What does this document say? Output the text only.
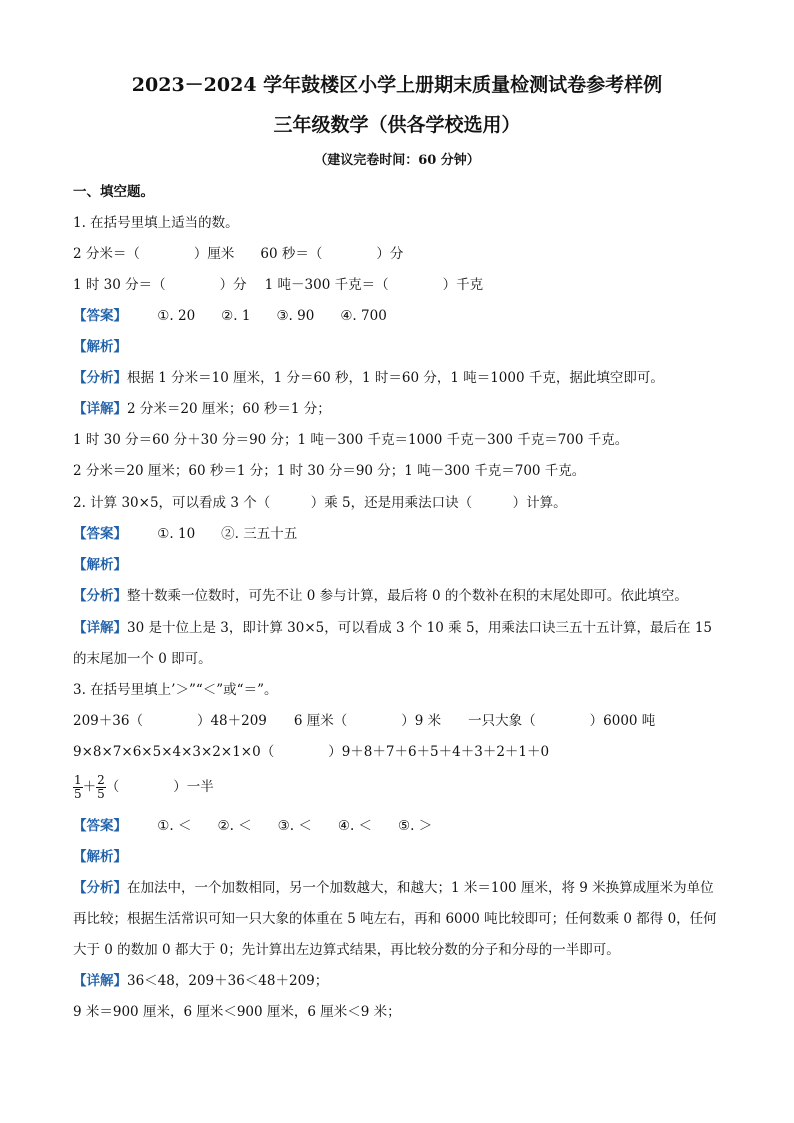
2023－2024 学年鼓楼区小学上册期末质量检测试卷参考样例
三年级数学（供各学校选用）
（建议完卷时间：60 分钟）
一、填空题。
1. 在括号里填上适当的数。
2 分米＝（　　　　）厘米 60 秒＝（　　　　）分
1 时 30 分＝（　　　　）分 1 吨－300 千克＝（　　　　）千克
【答案】 ①. 20 ②. 1 ③. 90 ④. 700
【解析】
【分析】根据 1 分米＝10 厘米，1 分＝60 秒，1 时＝60 分，1 吨＝1000 千克，据此填空即可。
【详解】2 分米＝20 厘米；60 秒＝1 分；
1 时 30 分＝60 分＋30 分＝90 分；1 吨－300 千克＝1000 千克－300 千克＝700 千克。
2 分米＝20 厘米；60 秒＝1 分；1 时 30 分＝90 分；1 吨－300 千克＝700 千克。
2. 计算 30×5，可以看成 3 个（　　　）乘 5，还是用乘法口诀（　　　）计算。
【答案】 ①. 10 ②. 三五十五
【解析】
【分析】整十数乘一位数时，可先不让 0 参与计算，最后将 0 的个数补在积的末尾处即可。依此填空。
【详解】30 是十位上是 3，即计算 30×5，可以看成 3 个 10 乘 5，用乘法口诀三五十五计算，最后在 15
的末尾加一个 0 即可。
3. 在括号里填上’＞”“＜”或“＝”。
209＋36（　　　　）48＋209　　6 厘米（　　　　）9 米　　一只大象（　　　　）6000 吨
9×8×7×6×5×4×3×2×1×0（　　　　）9＋8＋7＋6＋5＋4＋3＋2＋1＋0
$\frac{1}{5} + \frac{2}{5}$ （　　　　）一半
【答案】 ①. ＜ ②. ＜ ③. ＜ ④. ＜ ⑤. ＞
【解析】
【分析】在加法中，一个加数相同，另一个加数越大，和越大；1 米＝100 厘米，将 9 米换算成厘米为单位
再比较；根据生活常识可知一只大象的体重在 5 吨左右，再和 6000 吨比较即可；任何数乘 0 都得 0，任何
大于 0 的数加 0 都大于 0；先计算出左边算式结果，再比较分数的分子和分母的一半即可。
【详解】36＜48，209＋36＜48＋209；
9 米＝900 厘米，6 厘米＜900 厘米，6 厘米＜9 米；
